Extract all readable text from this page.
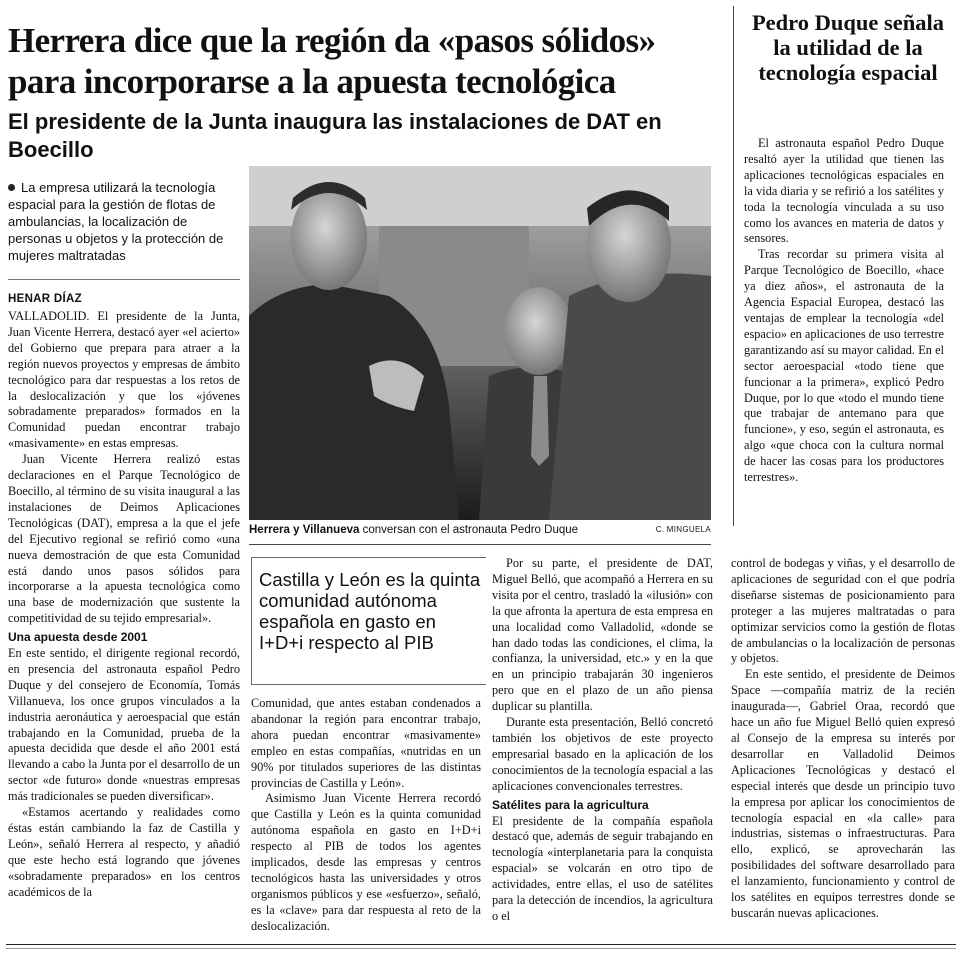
Herrera dice que la región da «pasos sólidos»
para incorporarse a la apuesta tecnológica
El presidente de la Junta inaugura las instalaciones de DAT en Boecillo
Pedro Duque señala la utilidad de la tecnología espacial

El astronauta español Pedro Duque resaltó ayer la utilidad que tienen las aplicaciones tecnológicas espaciales en la vida diaria y se refirió a los satélites y toda la tecnología vinculada a su uso como los avances en materia de datos y sensores.

Tras recordar su primera visita al Parque Tecnológico de Boecillo, «hace ya diez años», el astronauta de la Agencia Espacial Europea, destacó las ventajas de emplear la tecnología «del espacio» en aplicaciones de uso terrestre garantizando así su mayor calidad. En el sector aeroespacial «todo tiene que funcionar a la primera», explicó Pedro Duque, por lo que «todo el mundo tiene que trabajar de antemano para que funcione», y eso, según el astronauta, es algo «que choca con la cultura normal de hacer las cosas para los productores terrestres».

La empresa utilizará la tecnología espacial para la gestión de flotas de ambulancias, la localización de personas u objetos y la protección de mujeres maltratadas
HENAR DÍAZ
Herrera y Villanueva conversan con el astronauta Pedro Duque	C. MINGUELA
Castilla y León es la quinta comunidad autónoma española en gasto en I+D+i respecto al PIB

VALLADOLID. El presidente de la Junta, Juan Vicente Herrera, destacó ayer «el acierto» del Gobierno que prepara para atraer a la región nuevos proyectos y empresas de ámbito tecnológico para dar respuestas a los retos de la deslocalización y que los «jóvenes sobradamente preparados» formados en la Comunidad puedan encontrar trabajo «masivamente» en estas empresas.

Juan Vicente Herrera realizó estas declaraciones en el Parque Tecnológico de Boecillo, al término de su visita inaugural a las instalaciones de Deimos Aplicaciones Tecnológicas (DAT), empresa a la que el jefe del Ejecutivo regional se refirió como «una nueva demostración de que esta Comunidad está dando unos pasos sólidos para incorporarse a la apuesta tecnológica como una base de modernización que sustente la competitividad de su tejido empresarial».

Una apuesta desde 2001

En este sentido, el dirigente regional recordó, en presencia del astronauta español Pedro Duque y del consejero de Economía, Tomás Villanueva, los once grupos vinculados a la industria aeronáutica y aeroespacial que están trabajando en la Comunidad, prueba de la apuesta decidida que desde el año 2001 está llevando a cabo la Junta por el desarrollo de un sector «de futuro» donde «nuestras empresas más tradicionales se pueden diversificar».

«Estamos acertando y realidades como éstas están cambiando la faz de Castilla y León», señaló Herrera al respecto, y añadió que este hecho está logrando que jóvenes «sobradamente preparados» en los centros académicos de la

Comunidad, que antes estaban condenados a abandonar la región para encontrar trabajo, ahora puedan encontrar «masivamente» empleo en estas compañías, «nutridas en un 90% por titulados superiores de las distintas provincias de Castilla y León».

Asimismo Juan Vicente Herrera recordó que Castilla y León es la quinta comunidad autónoma española en gasto en I+D+i respecto al PIB de todos los agentes implicados, desde las empresas y centros tecnológicos hasta las universidades y otros organismos públicos y ese «esfuerzo», señaló, es la «clave» para dar respuesta al reto de la deslocalización.

Por su parte, el presidente de DAT, Miguel Belló, que acompañó a Herrera en su visita por el centro, trasladó la «ilusión» con la que afronta la apertura de esta empresa en una localidad como Valladolid, «donde se han dado todas las condiciones, el clima, la confianza, la universidad, etc.» y en la que en un principio trabajarán 30 ingenieros pero que en el plazo de un año piensa duplicar su plantilla.

Durante esta presentación, Belló concretó también los objetivos de este proyecto empresarial basado en la aplicación de los conocimientos de la tecnología espacial a las aplicaciones convencionales terrestres.

Satélites para la agricultura

El presidente de la compañía española destacó que, además de seguir trabajando en tecnología «interplanetaria para la conquista espacial» se volcarán en otro tipo de actividades, entre ellas, el uso de satélites para la detección de incendios, la agricultura o el

control de bodegas y viñas, y el desarrollo de aplicaciones de seguridad con el que podría diseñarse sistemas de posicionamiento para proteger a las mujeres maltratadas o para optimizar servicios como la gestión de flotas de ambulancias o la localización de personas y objetos.

En este sentido, el presidente de Deimos Space —compañía matriz de la recién inaugurada—, Gabriel Oraa, recordó que hace un año fue Miguel Belló quien expresó al Consejo de la empresa su interés por desarrollar en Valladolid Deimos Aplicaciones Tecnológicas y destacó el especial interés que desde un principio tuvo la empresa por aplicar los conocimientos de tecnología espacial en «la calle» para industrias, sistemas o infraestructuras. Para ello, explicó, se aprovecharán las posibilidades del software desarrollado para el lanzamiento, funcionamiento y control de los satélites en equipos terrestres donde se buscarán nuevas aplicaciones.
